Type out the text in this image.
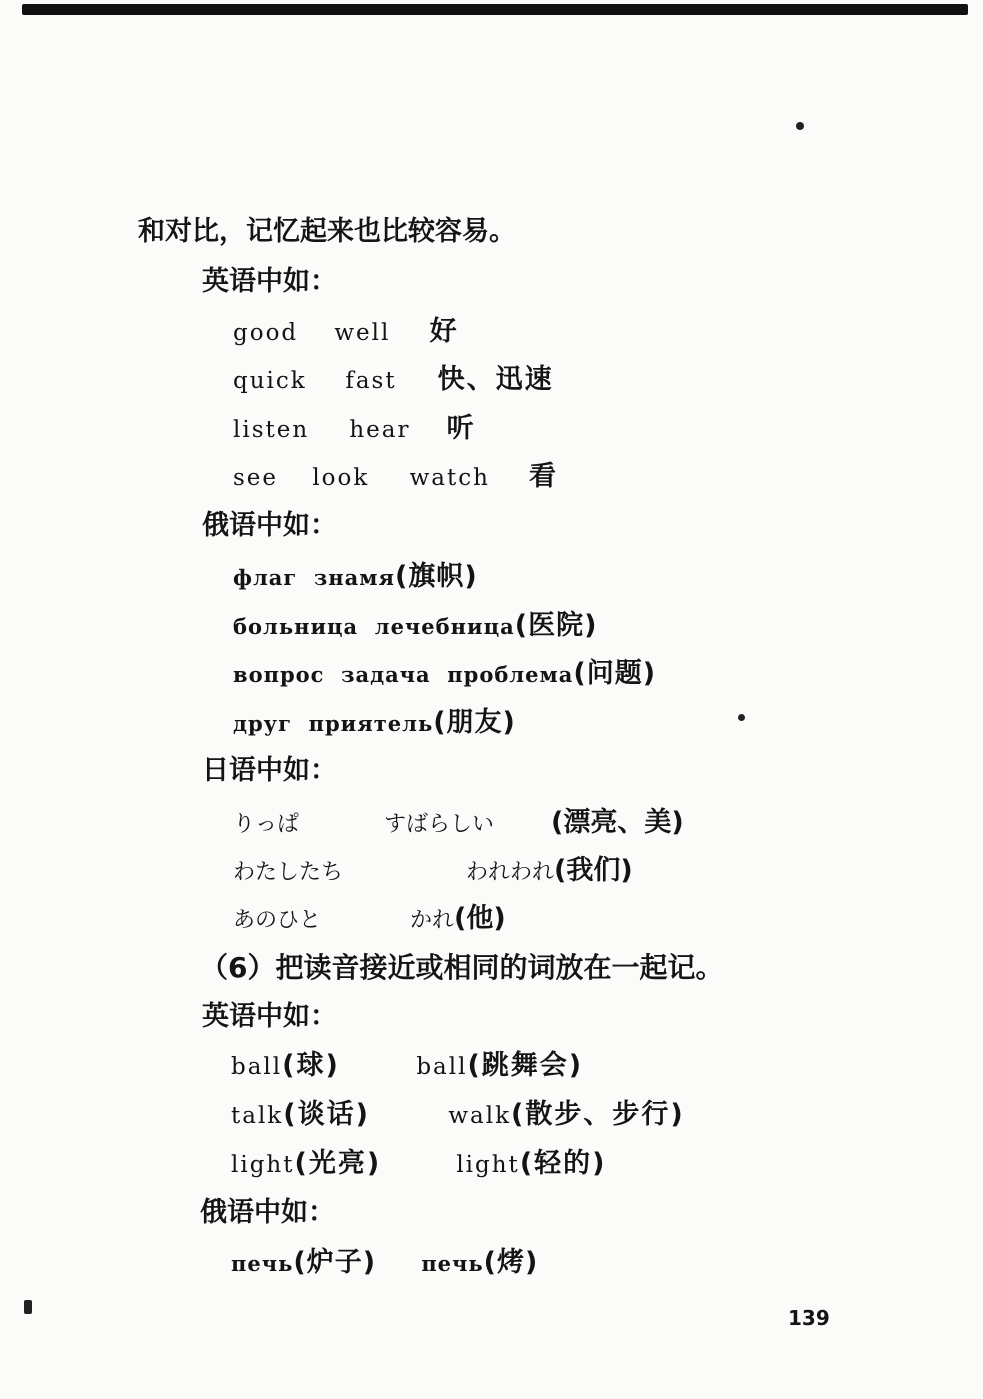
和对比，记忆起来也比较容易。
英语中如：
good well 好
quick fast 快、迅速
listen hear 听
see look watch 看
俄语中如：
флаг  знамя(旗帜)
больница  лечебница(医院)
вопрос  задача  проблема(问题)
друг  приятель(朋友)
日语中如：
りっぱ	すばらしい (漂亮、美)
わたしたち	われわれ(我们)
あのひと	かれ(他)
（6）把读音接近或相同的词放在一起记。
英语中如：
ball(球)	ball(跳舞会)
talk(谈话)	walk(散步、步行)
light(光亮)	light(轻的)
俄语中如：
печь(炉子) печь(烤)
139
